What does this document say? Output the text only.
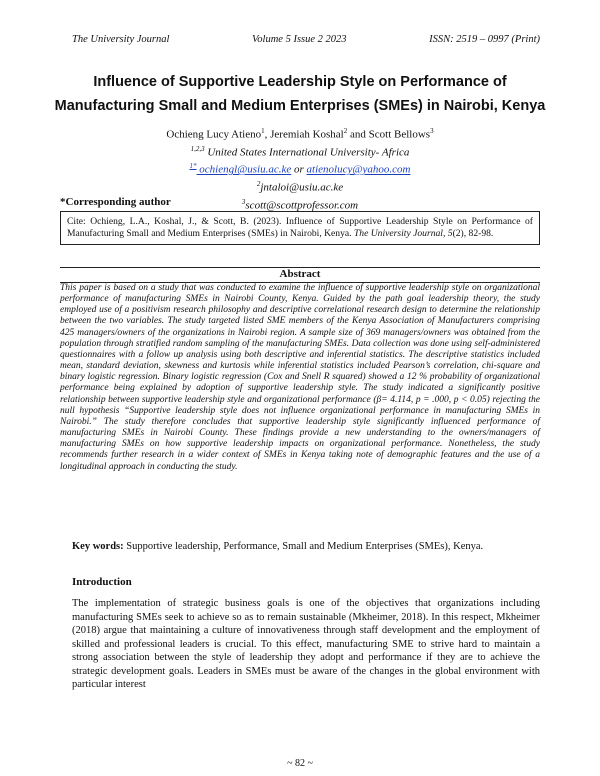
The University Journal	Volume 5 Issue 2 2023	ISSN: 2519 – 0997 (Print)
Influence of Supportive Leadership Style on Performance of
Manufacturing Small and Medium Enterprises (SMEs) in Nairobi, Kenya
Ochieng Lucy Atieno$^1$, Jeremiah Koshal$^2$ and Scott Bellows$^3$
$^{1,2,3}$ United States International University- Africa
$^{1*}$ ochiengl@usiu.ac.ke or atienolucy@yahoo.com
$^2$jntaloi@usiu.ac.ke
$^3$scott@scottprofessor.com
*Corresponding author
Cite: Ochieng, L.A., Koshal, J., & Scott, B. (2023). Influence of Supportive Leadership Style on Performance of Manufacturing Small and Medium Enterprises (SMEs) in Nairobi, Kenya. The University Journal, 5(2), 82-98.
Abstract
This paper is based on a study that was conducted to examine the influence of supportive leadership style on organizational performance of manufacturing SMEs in Nairobi County, Kenya. Guided by the path goal leadership theory, the study employed use of a positivism research philosophy and descriptive correlational research design to determine the relationship between the two variables. The study targeted listed SME members of the Kenya Association of Manufacturers comprising 425 managers/owners of the organizations in Nairobi region. A sample size of 369 managers/owners was obtained from the population through stratified random sampling of the manufacturing SMEs. Data collection was done using self-administered questionnaires with a follow up analysis using both descriptive and inferential statistics. The descriptive statistics included mean, standard deviation, skewness and kurtosis while inferential statistics included Pearson’s correlation, chi-square and binary logistic regression. Binary logistic regression (Cox and Snell R squared) showed a 12 % probability of organizational performance being explained by adoption of supportive leadership style. The study indicated a significantly positive relationship between supportive leadership style and organizational performance (β= 4.114, p = .000, p < 0.05) rejecting the null hypothesis “Supportive leadership style does not influence organizational performance in manufacturing SMEs in Nairobi.” The study therefore concludes that supportive leadership style significantly influenced performance of manufacturing SMEs in Nairobi County. These findings provide a new understanding to the owners/managers of manufacturing SMEs on how supportive leadership impacts on organizational performance. Nonetheless, the study recommends further research in a wider context of SMEs in Kenya taking note of demographic features and the use of a longitudinal approach in conducting the study.
Key words: Supportive leadership, Performance, Small and Medium Enterprises (SMEs), Kenya.
Introduction
The implementation of strategic business goals is one of the objectives that organizations including manufacturing SMEs seek to achieve so as to remain sustainable (Mkheimer, 2018). In this respect, Mkheimer (2018) argue that maintaining a culture of innovativeness through staff development and the employment of skilled and professional leaders is crucial. To this effect, manufacturing SME to strive hard to maintain a strong association between the style of leadership they adopt and performance if they are to achieve the strategic development goals. Leaders in SMEs must be aware of the changes in the global environment with particular interest
~ 82 ~
